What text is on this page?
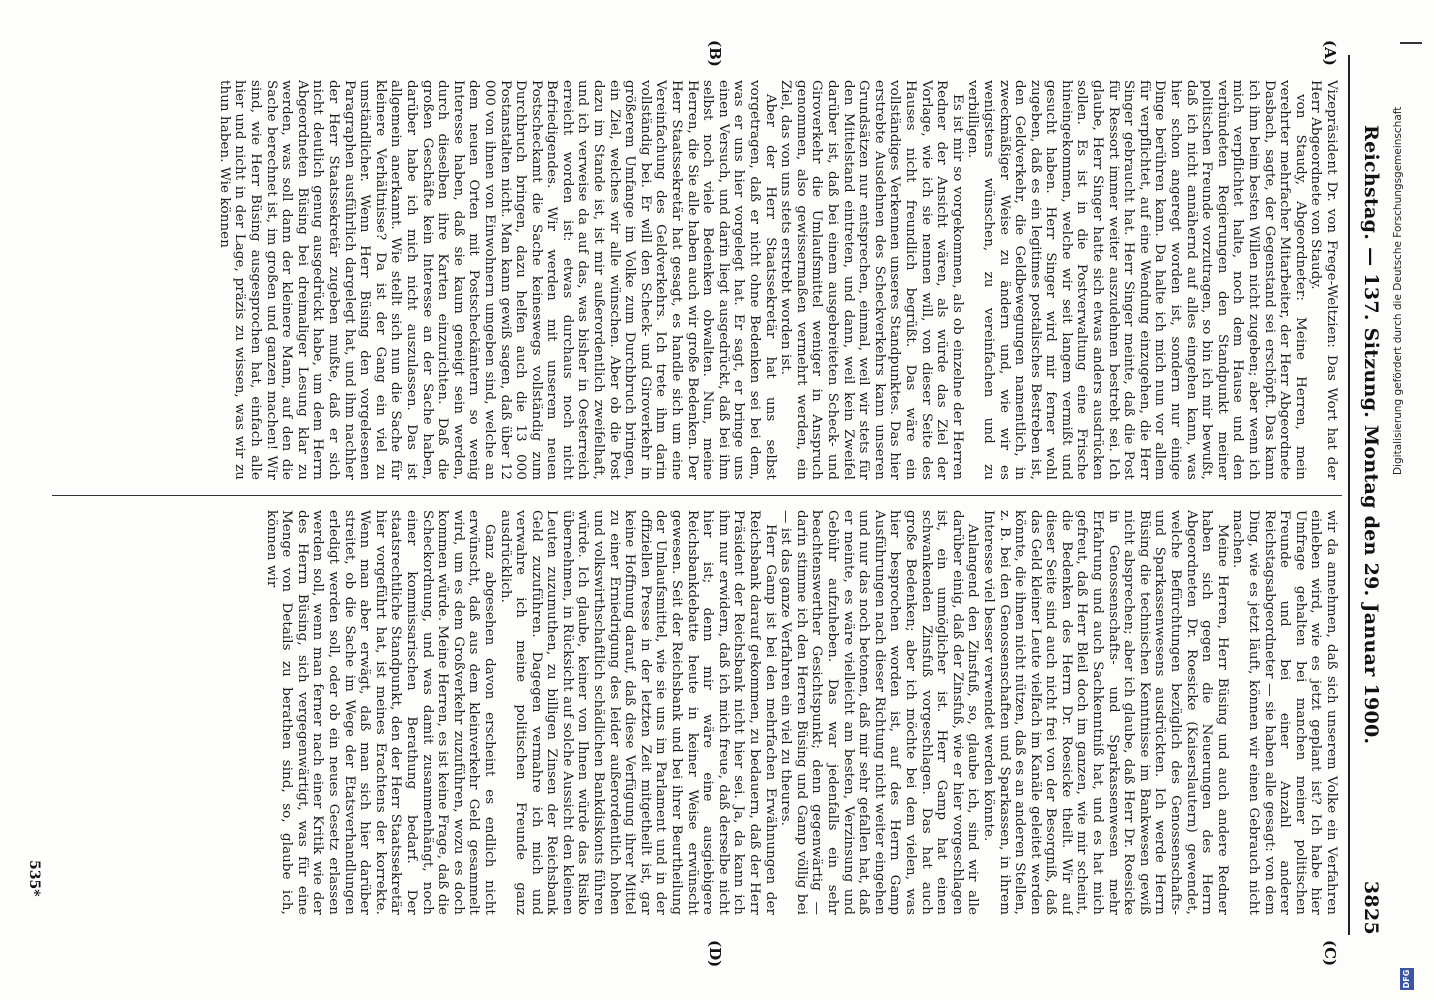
Reichstag. — 137. Sitzung. Montag den 29. Januar 1900.
3825
(A)
(B)
(C)
(D)

Vizepräsident Dr. von Frege-Weltzien: Das Wort hat der Herr Abgeordnete von Staudy.

von Staudy, Abgeordneter: Meine Herren, mein verehrter mehrfacher Mitarbeiter, der Herr Abgeordnete Dasbach, sagte, der Gegenstand sei erschöpft. Das kann ich ihm beim besten Willen nicht zugeben; aber wenn ich mich verpflichtet halte, noch dem Hause und den verbündeten Regierungen den Standpunkt meiner politischen Freunde vorzutragen, so bin ich mir bewußt, daß ich nicht annähernd auf alles eingehen kann, was hier schon angeregt worden ist, sondern nur einige Dinge berühren kann. Da halte ich mich nun vor allem für verpflichtet, auf eine Wendung einzugehen, die Herr Singer gebraucht hat. Herr Singer meinte, daß die Post für Ressort immer weiter auszudehnen bestrebt sei. Ich glaube, Herr Singer hatte sich etwas anders ausdrücken sollen. Es ist in die Postverwaltung eine Frische hineingekommen, welche wir seit langem vermißt und gesucht haben. Herr Singer wird mir ferner wohl zugeben, daß es ein legitimes postalisches Bestreben ist, den Geldverkehr, die Geldbewegungen namentlich, in zweckmäßiger Weise zu ändern und, wie wir es wenigstens wünschen, zu vereinfachen und zu verbilligen.

Es ist mir so vorgekommen, als ob einzelne der Herren Redner der Ansicht wären, als würde das Ziel der Vorlage, wie ich sie nennen will, von dieser Seite des Hauses nicht freundlich begrüßt. Das wäre ein vollständiges Verkennen unseres Standpunktes. Das hier erstrebte Ausdehnen des Scheckverkehrs kann unseren Grundsätzen nur entsprechen, einmal, weil wir stets für den Mittelstand eintreten, und dann, weil kein Zweifel darüber ist, daß bei einem ausgebreiteten Scheck- und Giroverkehr die Umlaufsmittel weniger in Anspruch genommen, also gewissermaßen vermehrt werden, ein Ziel, das von uns stets erstrebt worden ist.

Aber der Herr Staatssekretär hat uns selbst vorgetragen, daß er nicht ohne Bedenken sei bei dem, was er uns hier vorgelegt hat. Er sagt, er bringe uns einen Versuch, und darin liegt ausgedrückt, daß bei ihm selbst noch viele Bedenken obwalten. Nun, meine Herren, die Sie alle haben auch wir große Bedenken. Der Herr Staatssekretär hat gesagt, es handle sich um eine Vereinfachung des Geldverkehrs. Ich trete ihm darin vollständig bei. Er will den Scheck- und Giroverkehr in größerem Umfange im Volke zum Durchbruch bringen, ein Ziel, welches wir alle wünschen. Aber ob die Post dazu im Stande ist, ist mir außerordentlich zweifelhaft, und ich verweise da auf das, was bisher in Oesterreich erreicht worden ist: etwas durchaus noch nicht Befriedigendes. Wir werden mit unserem neuen Postscheckamt die Sache keineswegs vollständig zum Durchbruch bringen, dazu helfen auch die 13 000 Postanstalten nicht. Man kann gewiß sagen, daß über 12 000 von ihnen von Einwohnern umgeben sind, welche an dem neuen Orten mit Postscheckämtern so wenig Interesse haben, daß sie kaum geneigt sein werden, durch dieselben ihre Karten einzurichten. Daß die großen Geschäfte kein Interesse an der Sache haben, darüber habe ich mich nicht auszulassen. Das ist allgemein anerkannt. Wie stellt sich nun die Sache für kleinere Verhältnisse? Da ist der Gang ein viel zu umständlicher. Wenn Herr Büsing den vorgelesenen Paragraphen ausführlich dargelegt hat, und ihm nachher der Herr Staatssekretär zugeben mußte, daß er sich nicht deutlich genug ausgedrückt habe, um dem Herrn Abgeordneten Büsing bei dreimaliger Lesung klar zu werden, was soll dann der kleinere Mann, auf den die Sache berechnet ist, im großen und ganzen machen! Wir sind, wie Herr Büsing ausgesprochen hat, einfach alle hier und nicht in der Lage, präzis zu wissen, was wir zu thun haben. Wie können

wir da annehmen, daß sich unserem Volke ein Verfahren einleben wird, wie es jetzt geplant ist? Ich habe hier Umfrage gehalten bei manchen meiner politischen Freunde und bei einer Anzahl anderer Reichstagsabgeordneter — sie haben alle gesagt: von dem Ding, wie es jetzt läuft, können wir einen Gebrauch nicht machen.

Meine Herren, Herr Büsing und auch andere Redner haben sich gegen die Neuerungen des Herrn Abgeordneten Dr. Roesicke (Kaiserslautern) gewendet, welche Befürchtungen bezüglich des Genossenschafts- und Sparkassenwesens ausdrückten. Ich werde Herrn Büsing die technischen Kenntnisse im Bankwesen gewiß nicht absprechen; aber ich glaube, daß Herr Dr. Roesicke in Genossenschafts- und Sparkassenwesen mehr Erfahrung und auch Sachkenntniß hat, und es hat mich gefreut, daß Herr Bleil doch im ganzen, wie mir scheint, die Bedenken des Herrn Dr. Roesicke theilt. Wir auf dieser Seite sind auch nicht frei von der Besorgniß, daß das Geld kleiner Leute vielfach im Kanäle geleitet werden könnte, die ihnen nicht nützen, daß es an anderen Stellen, z. B. bei den Genossenschaften und Sparkassen, in ihrem Interesse viel besser verwendet werden könnte.

Anlangend den Zinsfuß, so, glaube ich, sind wir alle darüber einig, daß der Zinsfuß, wie er hier vorgeschlagen ist, ein unmöglicher ist. Herr Gamp hat einen schwankenden Zinsfuß vorgeschlagen. Das hat auch große Bedenken; aber ich möchte bei dem vielen, was hier besprochen worden ist, auf des Herrn Gamp Ausführungen nach dieser Richtung nicht weiter eingehen und nur das noch betonen, daß mir sehr gefallen hat, daß er meinte, es wäre vielleicht am besten, Verzinsung und Gebühr aufzuheben. Das war jedenfalls ein sehr beachtenswerther Gesichtspunkt; denn gegenwärtig — darin stimme ich den Herren Büsing und Gamp völlig bei — ist das ganze Verfahren ein viel zu theures.

Herr Gamp ist bei den mehrfachen Erwähnungen der Reichsbank darauf gekommen, zu bedauern, daß der Herr Präsident der Reichsbank nicht hier sei. Ja, da kann ich ihm nur erwidern, daß ich mich freue, daß derselbe nicht hier ist; denn mir wäre eine ausgiebigere Reichsbankdebatte heute in keiner Weise erwünscht gewesen. Seit der Reichsbank und bei ihrer Beurtheilung der Umlaufsmittel, wie sie uns im Parlament und in der offiziellen Presse in der letzten Zeit mitgetheilt ist, gar keine Hoffnung darauf, daß diese Verfügung ihrer Mittel zu einer Erniedrigung des leider außerordentlich hohen und volkswirthschaftlich schädlichen Bankdiskonts führen würde. Ich glaube, keiner von Ihnen würde das Risiko übernehmen, in Rücksicht auf solche Aussicht den kleinen Leuten zuzumuthen, zu billigen Zinsen der Reichsbank Geld zuzuführen. Dagegen vermahre ich mich und verwahre ich meine politischen Freunde ganz ausdrücklich.

Ganz abgesehen davon erscheint es endlich nicht erwünscht, daß aus dem kleinverkehr Geld gesammelt wird, um es dem Großverkehr zuzuführen, wozu es doch kommen würde. Meine Herren, es ist keine Frage, daß die Scheckordnung, und was damit zusammenhängt, noch einer kommissarischen Berathung bedarf. Der staatsrechtliche Standpunkt, den der Herr Staatssekretär hier vorgeführt hat, ist meines Erachtens der korrekte. Wenn man aber erwägt, daß man sich hier darüber streitet, ob die Sache im Wege der Etatsverhandlungen erledigt werden soll, oder ob ein neues Gesetz erlassen werden soll, wenn man ferner nach einer Kritik wie der des Herrn Büsing, sich vergegenwärtigt, was für eine Menge von Details zu berathen sind, so, glaube ich, können wir

535*
Digitalisierung gefördert durch die Deutsche Forschungsgemeinschaft
DFG
